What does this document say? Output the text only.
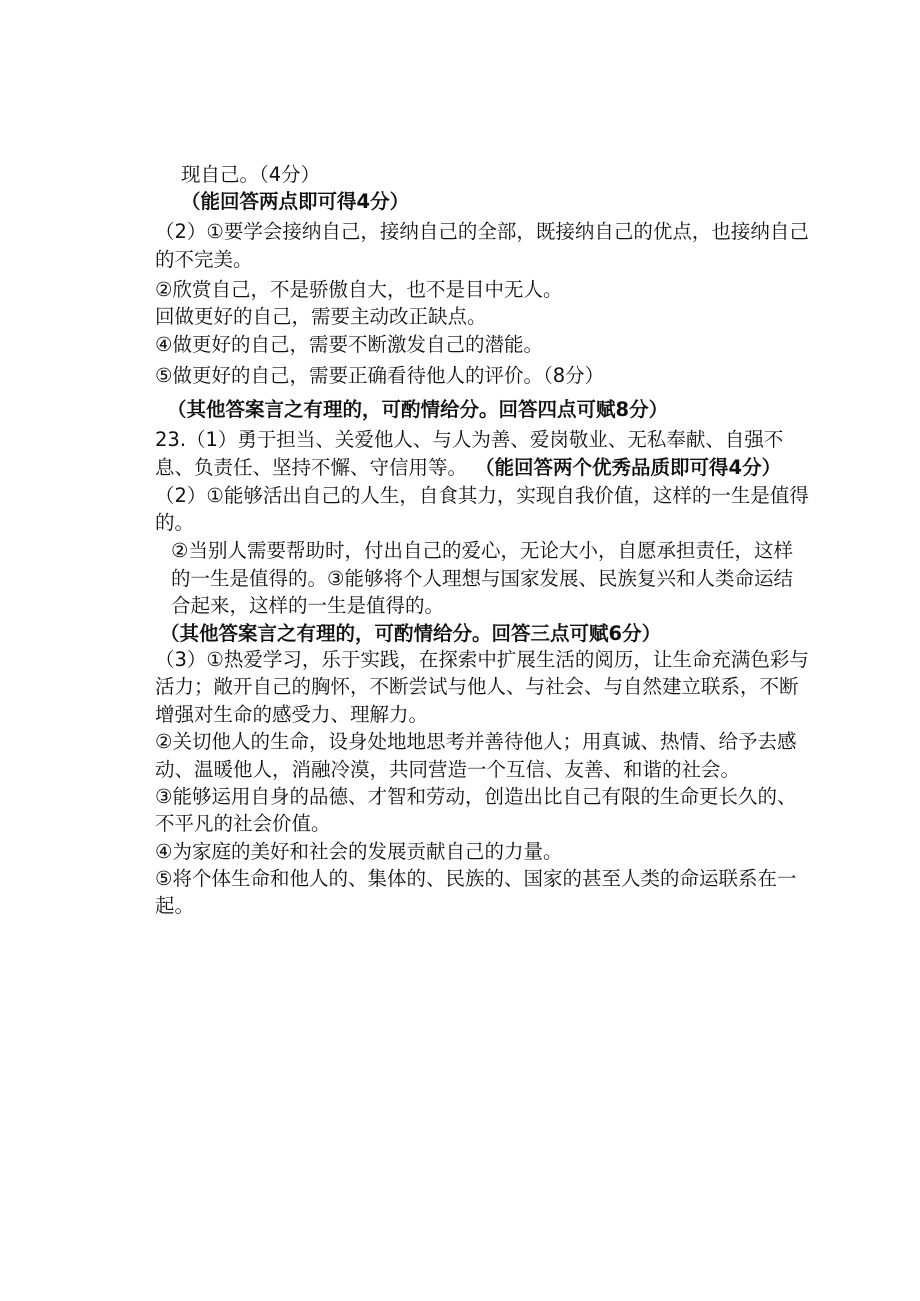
现自己。（4分）
（能回答两点即可得4分）
（2）①要学会接纳自己，接纳自己的全部，既接纳自己的优点，也接纳自己
的不完美。
②欣赏自己，不是骄傲自大，也不是目中无人。
回做更好的自己，需要主动改正缺点。
④做更好的自己，需要不断激发自己的潜能。
⑤做更好的自己，需要正确看待他人的评价。（8分）
（其他答案言之有理的，可酌情给分。回答四点可赋8分）
23.（1）勇于担当、关爱他人、与人为善、爱岗敬业、无私奉献、自强不
息、负责任、坚持不懈、守信用等。 （能回答两个优秀品质即可得4分）
（2）①能够活出自己的人生，自食其力，实现自我价值，这样的一生是值得
的。
②当别人需要帮助时，付出自己的爱心，无论大小，自愿承担责任，这样
的一生是值得的。③能够将个人理想与国家发展、民族复兴和人类命运结
合起来，这样的一生是值得的。
（其他答案言之有理的，可酌情给分。回答三点可赋6分）
（3）①热爱学习，乐于实践，在探索中扩展生活的阅历，让生命充满色彩与
活力；敞开自己的胸怀，不断尝试与他人、与社会、与自然建立联系，不断
增强对生命的感受力、理解力。
②关切他人的生命，设身处地地思考并善待他人；用真诚、热情、给予去感
动、温暖他人，消融冷漠，共同营造一个互信、友善、和谐的社会。
③能够运用自身的品德、才智和劳动，创造出比自己有限的生命更长久的、
不平凡的社会价值。
④为家庭的美好和社会的发展贡献自己的力量。
⑤将个体生命和他人的、集体的、民族的、国家的甚至人类的命运联系在一
起。
